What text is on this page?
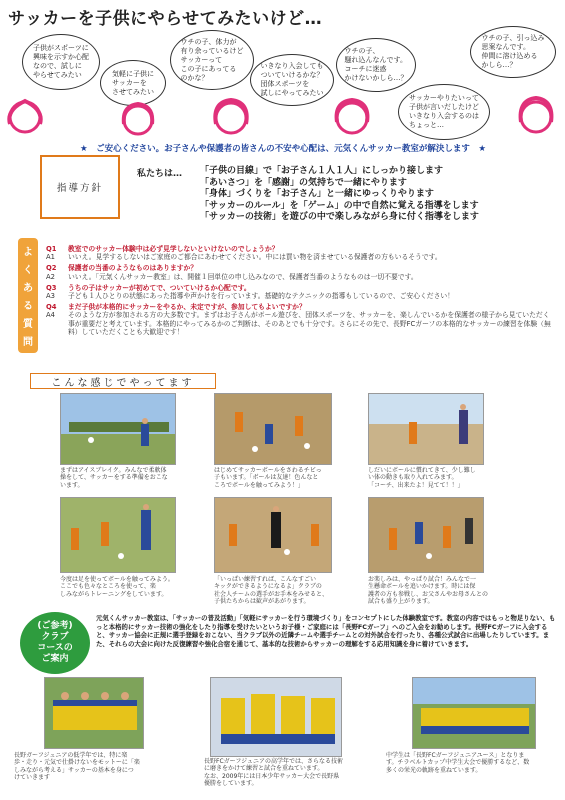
サッカーを子供にやらせてみたいけど…
子供がスポーツに
興味を示すか心配
なので、試しに
やらせてみたい	気軽に子供に
サッカーを
させてみたい
ウチの子、体力が
有り余っているけど
サッカーって
この子にあってる
のかな？
いきなり入会しても
ついていけるかな？
団体スポーツを
試しにやってみたい
ウチの子、
騒れ込んなんです。
コーチに迷惑
かけないかしら…？
サッカーやりたいって
子供が言いだしたけど
いきなり入会するのは
ちょっと…
ウチの子、引っ込み
思案なんです。
仲間に溶け込める
かしら…？
★　ご安心ください。お子さんや保護者の皆さんの不安や心配は、元気くんサッカー教室が解決します　★
指導方針
私たちは… 「子供の目線」で「お子さん１人１人」にしっかり接します
「あいさつ」を「感謝」の気持ちで一緒にやります
「身体」づくりを「お子さん」と一緒にゆっくりやります
「サッカーのルール」を「ゲーム」の中で自然に覚える指導をします
「サッカーの技術」を遊びの中で楽しみながら身に付く指導をします
よ
く
あ
る
質
問
Q1	教室でのサッカー体験中は必ず見学しないといけないのでしょうか？
A1	いいえ。見学するしないはご家庭のご都合にあわせてください。中には買い物を済ませている保護者の方もいるそうです。
Q2	保護者の当番のようなものはありますか？
A2	いいえ。「元気くんサッカー教室」は、開催１回単位の申し込みなので、保護者当番のようなものは一切不要です。
Q3	うちの子はサッカーが初めてで、ついていけるか心配です。
A3	子ども１人ひとりの状態にあった指導や声かけを行っています。基礎的なテクニックの指導もしているので、ご安心ください！
Q4	まだ子供が本格的にサッカーをやるか、未定ですが、参加してもよいですか？
A4	そのような方が参加される方の大多数です。まずはお子さんがボール遊びを、団体スポーツを、サッカーを、楽しんでいるかを保護者の様子から見ていただく事が重要だと考えています。本格的にやってみるかのご判断は、そのあとでも十分です。さらにその先で、長野FCガーフの本格的なサッカーの練習を体験（無料）していただくことも大歓迎です！
こんな感じでやってます
まずはアイスブレイク。みんなで柔軟体
操をして、サッカーをする準備をおこな
います。
はじめてサッカーボールをさわるチビっ
子もいます。「ボールは友達！色んなと
ころでボールを触ってみよう！」
しだいにボールに慣れてきて、少し難し
い体の動きも取り入れてみます。
「コーチ、出来たよ！見てて！！」
今度は足を使ってボールを触ってみよう。
ここでも色々なところを使って、楽
しみながらトレーニングをしています。
「いっぱい練習すれば、こんなすごい
キックができるようになるよ」クラブの
社会人チームの選手がお手本をみせると、
子供たちからは歓声があがります。
お楽しみは、やっぱり試合！みんなで一
生懸命ボールを追いかけます。時には保
護者の方も参戦し、お父さんやお母さんとの
試合も盛り上がります。
(ご参考)
クラブ
コースの
ご案内
元気くんサッカー教室は、「サッカーの普及活動」「気軽にサッカーを行う環境づくり」をコンセプトにした体験教室です。教室の内容ではもっと物足りない、もっと本格的にサッカー技術の強化をしたり指導を受けたいというお子様・ご家庭には「長野FCガーフ」へのご入会をお勧めします。長野FCガーフに入会すると、サッカー協会に正規に選手登録をおこない、当クラブ以外の近隣チームや選手チームとの対外試合を行ったり、各種公式試合に出場したりしています。また、それらの大会に向けた反復練習や強化合宿を通じて、基本的な技術からサッカーの理解をする応用知識を身に着けていきます。
長野ガーフジュニアの低学年では、特に楽
歩・走り・元気で仕掛けないをモットーに「楽
しみながら考える」サッカーの基本を身につ
けていきます
長野FCガーフジュニアの高学年では、さらなる技術
に磨きをかけて練習と試合を重ねています。
なお、2009年には日本少年サッカー大会で長野県
優勝をしています。
中学生は「長野FCガーフジュニアユース」となりま
す。チラベルトカップ中学生大会で優勝するなど、数
多くの栄光の軌跡を重ねています。
